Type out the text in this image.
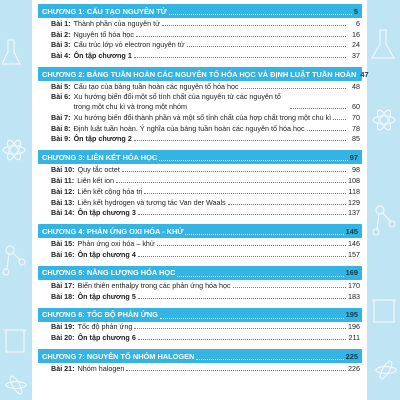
CHƯƠNG 1: CẤU TẠO NGUYÊN TỬ	5
Bài 1: Thành phần của nguyên tử	6
Bài 2: Nguyên tố hóa học	16
Bài 3: Cấu trúc lớp vỏ electron nguyên tử	24
Bài 4: Ôn tập chương 1	37
CHƯƠNG 2: BẢNG TUẦN HOÀN CÁC NGUYÊN TỐ HÓA HỌC VÀ ĐỊNH LUẬT TUẦN HOÀN 47
Bài 5: Cấu tạo của bảng tuần hoàn các nguyên tố hóa học	48
Bài 6: Xu hướng biến đổi một số tính chất của nguyên tử các nguyên tố trong một chu kì và trong một nhóm	60
Bài 7: Xu hướng biến đổi thành phần và một số tính chất của hợp chất trong một chu kì	70
Bài 8: Định luật tuần hoàn. Ý nghĩa của bảng tuần hoàn các nguyên tố hóa học	78
Bài 9: Ôn tập chương 2	85
CHƯƠNG 3: LIÊN KẾT HÓA HỌC	97
Bài 10: Quy tắc octet	98
Bài 11: Liên kết ion	108
Bài 12: Liên kết cộng hóa trị	118
Bài 13: Liên kết hydrogen và tương tác Van der Waals	129
Bài 14: Ôn tập chương 3	137
CHƯƠNG 4: PHẢN ỨNG OXI HÓA - KHỬ	145
Bài 15: Phản ứng oxi hóa – khử	146
Bài 16: Ôn tập chương 4	157
CHƯƠNG 5: NĂNG LƯỢNG HÓA HỌC	169
Bài 17: Biến thiên enthalpy trong các phản ứng hóa học	170
Bài 18: Ôn tập chương 5	183
CHƯƠNG 6: TỐC ĐỘ PHẢN ỨNG	195
Bài 19: Tốc độ phản ứng	196
Bài 20: Ôn tập chương 6	211
CHƯƠNG 7: NGUYÊN TỐ NHÓM HALOGEN	225
Bài 21: Nhóm halogen	226
